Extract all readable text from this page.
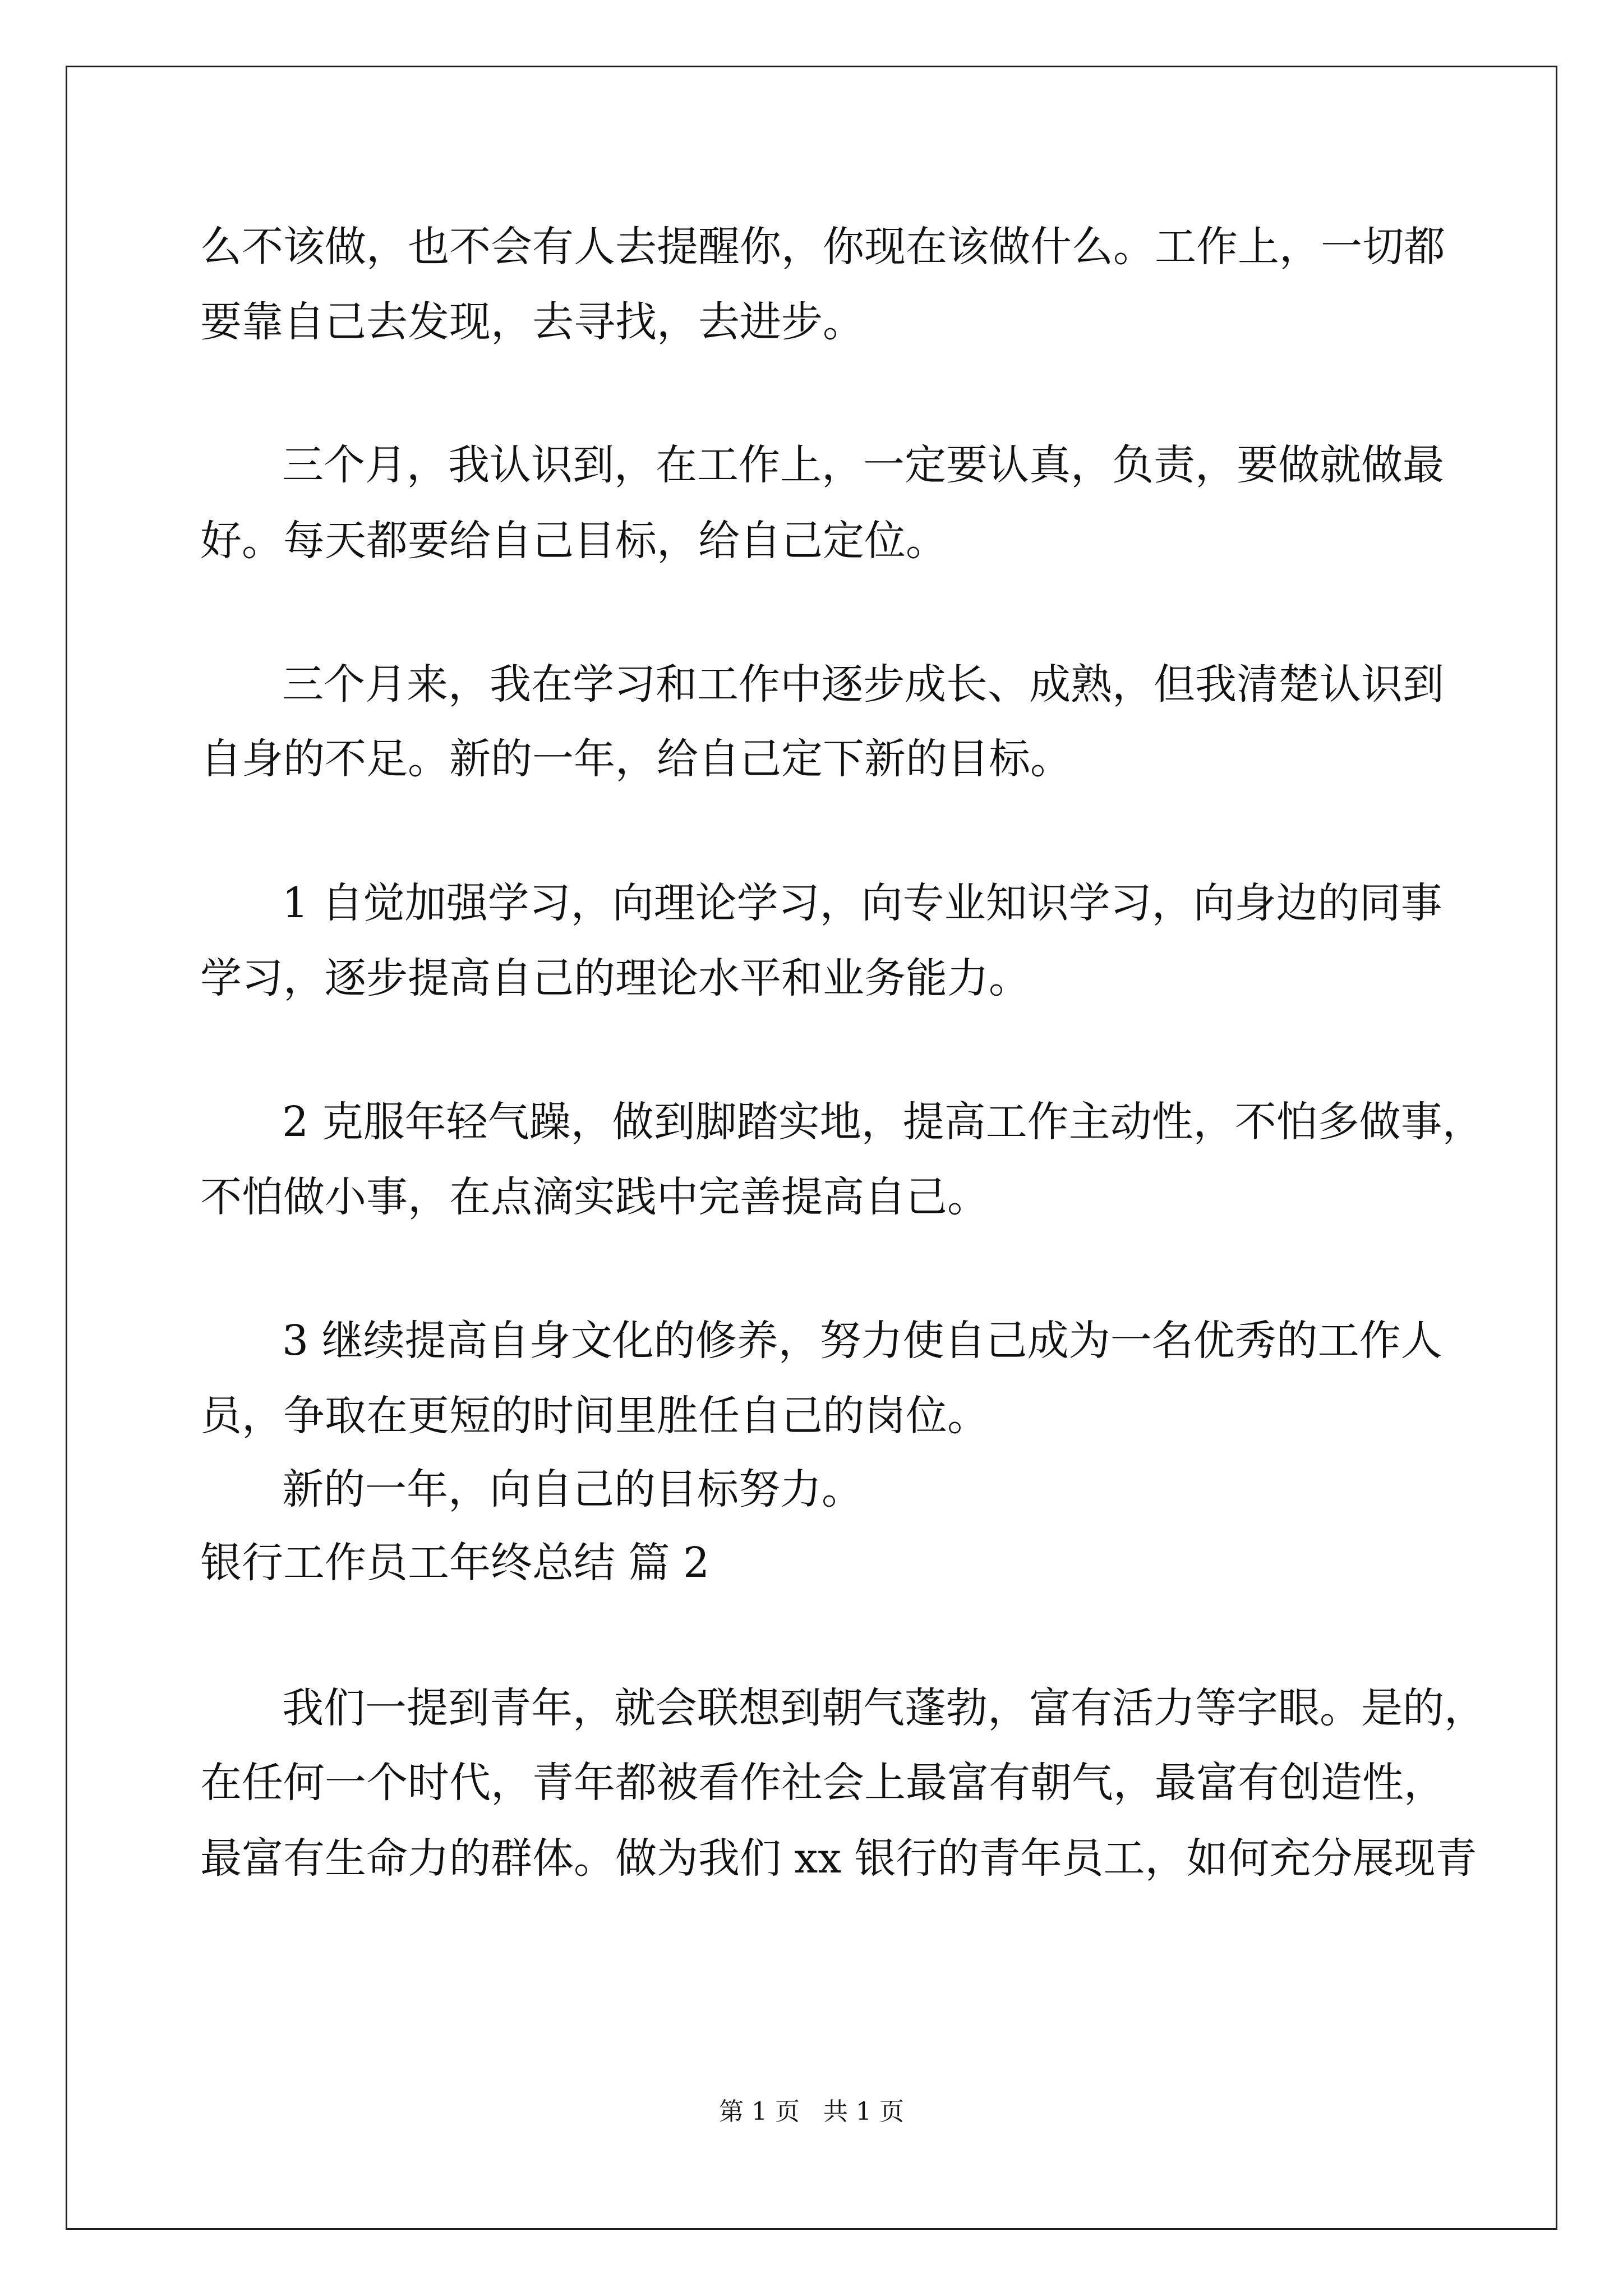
么不该做，也不会有人去提醒你，你现在该做什么。工作上，一切都
要靠自己去发现，去寻找，去进步。
三个月，我认识到，在工作上，一定要认真，负责，要做就做最
好。每天都要给自己目标，给自己定位。
三个月来，我在学习和工作中逐步成长、成熟，但我清楚认识到
自身的不足。新的一年，给自己定下新的目标。
1 自觉加强学习，向理论学习，向专业知识学习，向身边的同事
学习，逐步提高自己的理论水平和业务能力。
2 克服年轻气躁，做到脚踏实地，提高工作主动性，不怕多做事，
不怕做小事，在点滴实践中完善提高自己。
3 继续提高自身文化的修养，努力使自己成为一名优秀的工作人
员，争取在更短的时间里胜任自己的岗位。
新的一年，向自己的目标努力。
银行工作员工年终总结 篇 2
我们一提到青年，就会联想到朝气蓬勃，富有活力等字眼。是的，
在任何一个时代，青年都被看作社会上最富有朝气，最富有创造性，
最富有生命力的群体。做为我们 xx 银行的青年员工，如何充分展现青
第 1 页   共 1 页
